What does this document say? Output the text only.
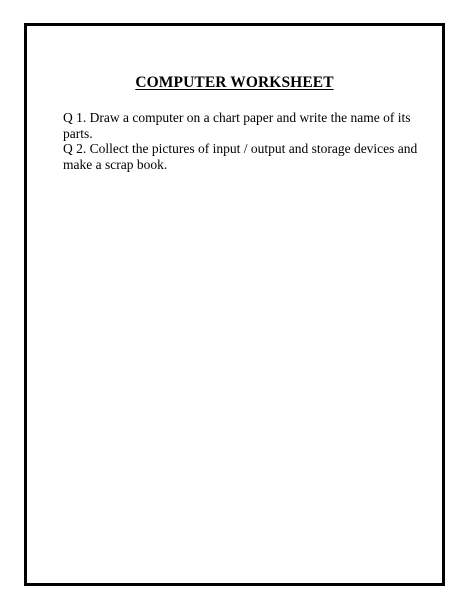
COMPUTER WORKSHEET
Q 1. Draw a computer on a chart paper and write the name of its parts.
Q 2. Collect the pictures of input / output and storage devices and make a scrap book.
